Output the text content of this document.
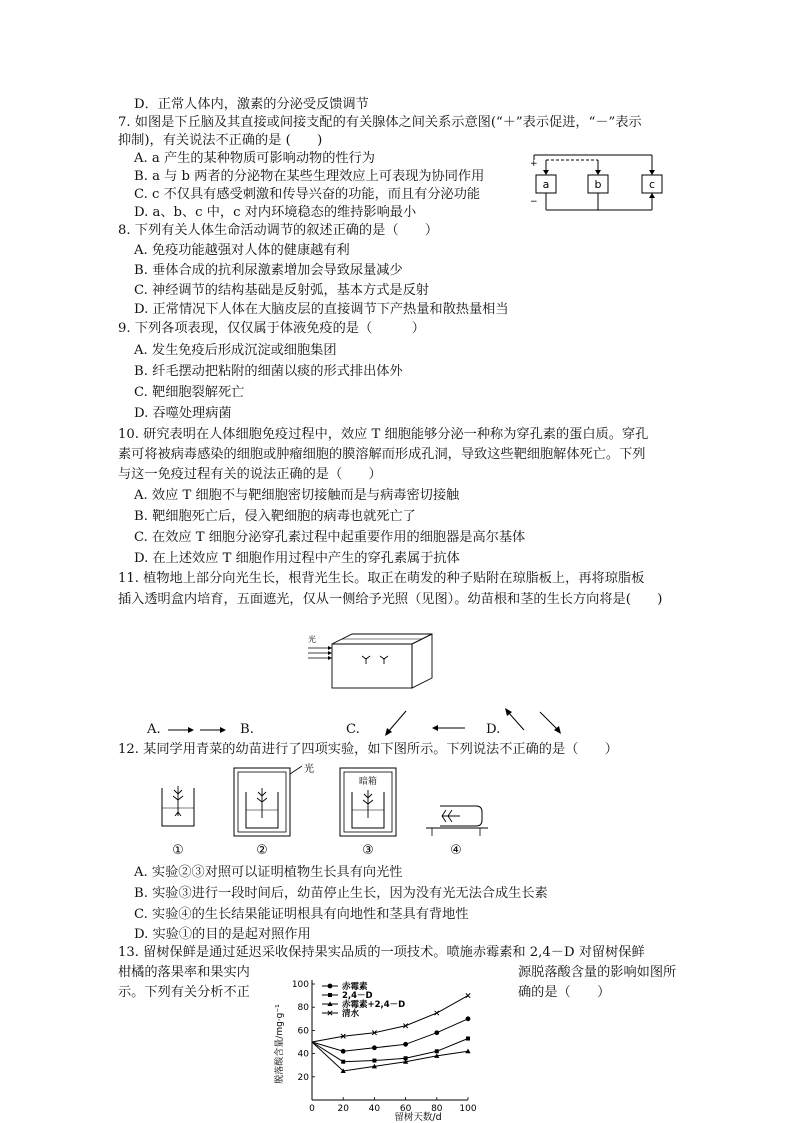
D．正常人体内，激素的分泌受反馈调节
7. 如图是下丘脑及其直接或间接支配的有关腺体之间关系示意图(“＋”表示促进，“－”表示
抑制)，有关说法不正确的是 (　　)
A. a 产生的某种物质可影响动物的性行为
B. a 与 b 两者的分泌物在某些生理效应上可表现为协同作用
C. c 不仅具有感受刺激和传导兴奋的功能，而且有分泌功能
D. a、b、c 中，c 对内环境稳态的维持影响最小
8. 下列有关人体生命活动调节的叙述正确的是（　　）
A. 免疫功能越强对人体的健康越有利
B. 垂体合成的抗利尿激素增加会导致尿量减少
C. 神经调节的结构基础是反射弧，基本方式是反射
D. 正常情况下人体在大脑皮层的直接调节下产热量和散热量相当
9. 下列各项表现，仅仅属于体液免疫的是（　　　）
A. 发生免疫后形成沉淀或细胞集团
B. 纤毛摆动把粘附的细菌以痰的形式排出体外
C. 靶细胞裂解死亡
D. 吞噬处理病菌
10. 研究表明在人体细胞免疫过程中，效应 T 细胞能够分泌一种称为穿孔素的蛋白质。穿孔
素可将被病毒感染的细胞或肿瘤细胞的膜溶解而形成孔洞，导致这些靶细胞解体死亡。下列
与这一免疫过程有关的说法正确的是（　　）
A. 效应 T 细胞不与靶细胞密切接触而是与病毒密切接触
B. 靶细胞死亡后，侵入靶细胞的病毒也就死亡了
C. 在效应 T 细胞分泌穿孔素过程中起重要作用的细胞器是高尔基体
D. 在上述效应 T 细胞作用过程中产生的穿孔素属于抗体
11. 植物地上部分向光生长，根背光生长。取正在萌发的种子贴附在琼脂板上，再将琼脂板
插入透明盒内培育，五面遮光，仅从一侧给予光照（见图）。幼苗根和茎的生长方向将是(　　)
12. 某同学用青菜的幼苗进行了四项实验，如下图所示。下列说法不正确的是（　　）
A. 实验②③对照可以证明植物生长具有向光性
B. 实验③进行一段时间后，幼苗停止生长，因为没有光无法合成生长素
C. 实验④的生长结果能证明根具有向地性和茎具有背地性
D. 实验①的目的是起对照作用
13. 留树保鲜是通过延迟采收保持果实品质的一项技术。喷施赤霉素和 2,4－D 对留树保鲜
柑橘的落果率和果实内	源脱落酸含量的影响如图所
示。下列有关分析不正	确的是（　　）
a	b	c
+
−
光
A.	B.	C.	D.
①
光
②
暗箱
③	④
0	20 40 60 80 100
20
40
60
80
100	赤霉素
2,4－D
赤霉素+2,4－D
清水
留树天数/d
脱落酸含量/mg·g⁻¹
